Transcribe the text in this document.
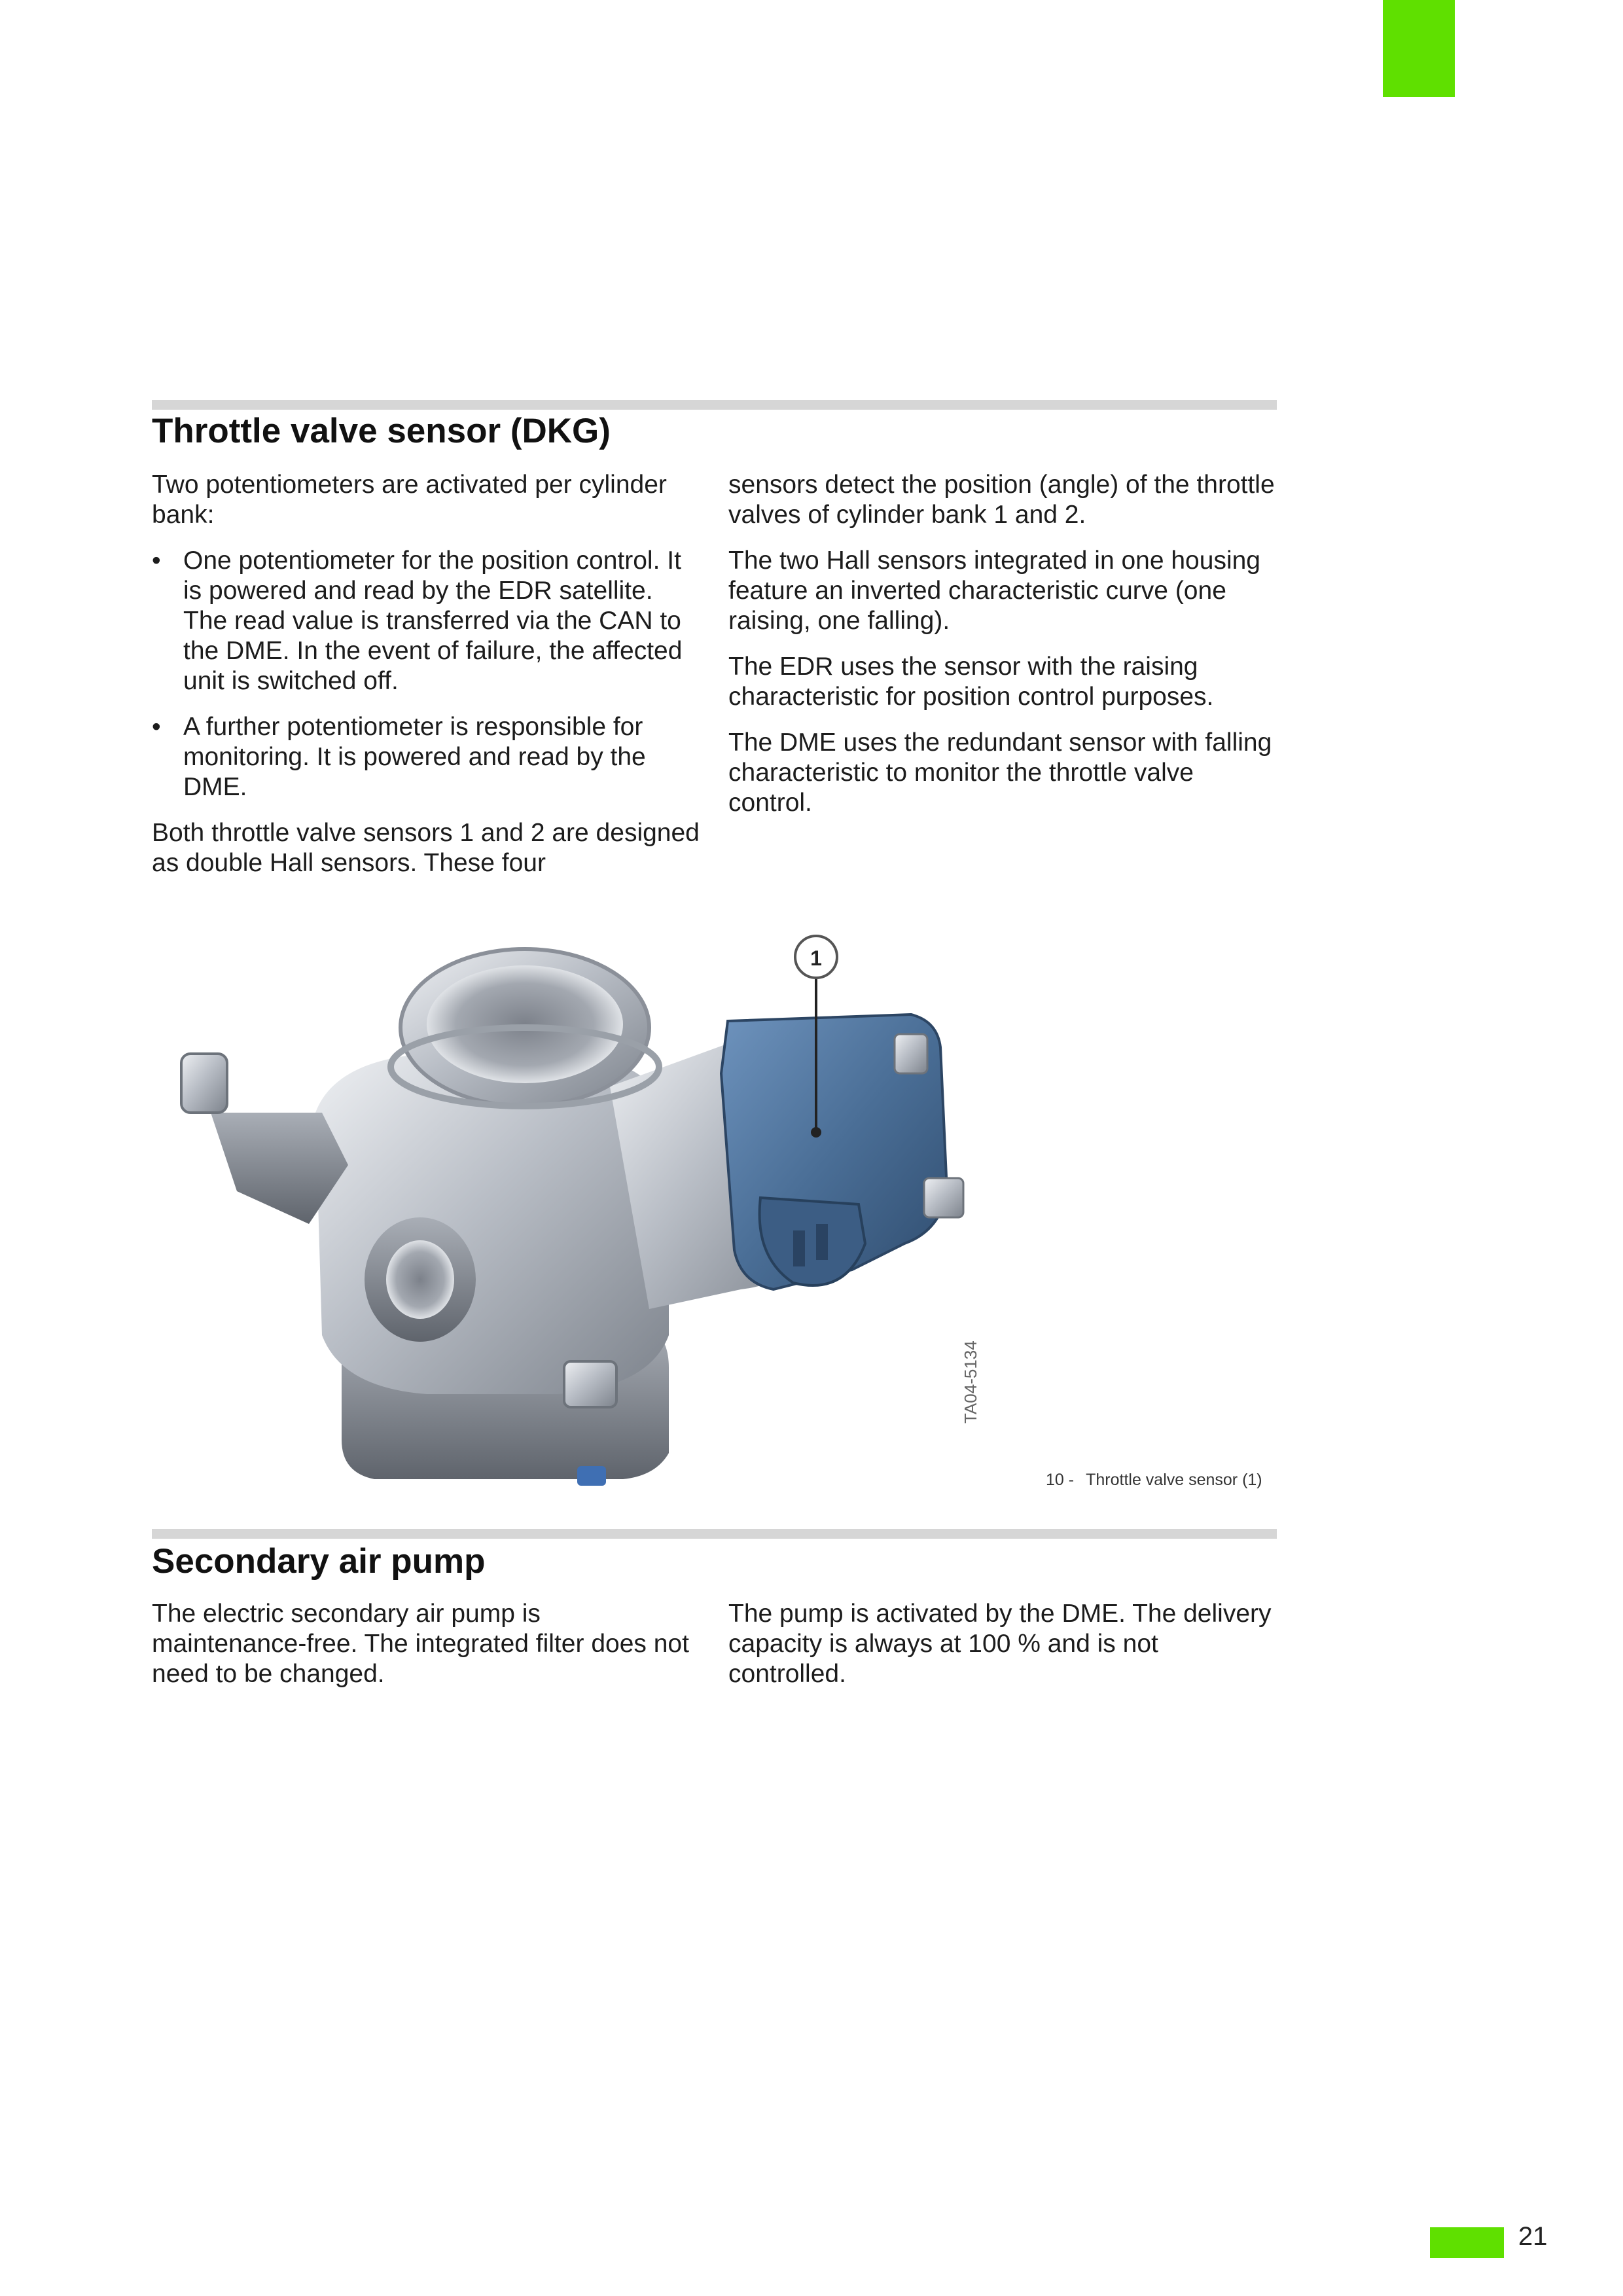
Throttle valve sensor (DKG)

Two potentiometers are activated per cylinder bank:

• One potentiometer for the position control. It is powered and read by the EDR satellite. The read value is transferred via the CAN to the DME. In the event of failure, the affected unit is switched off.
• A further potentiometer is responsible for monitoring. It is powered and read by the DME.

Both throttle valve sensors 1 and 2 are designed as double Hall sensors. These four

sensors detect the position (angle) of the throttle valves of cylinder bank 1 and 2.

The two Hall sensors integrated in one housing feature an inverted characteristic curve (one raising, one falling).

The EDR uses the sensor with the raising characteristic for position control purposes.

The DME uses the redundant sensor with falling characteristic to monitor the throttle valve control.

1
TA04-5134
10 - Throttle valve sensor (1)
Secondary air pump

The electric secondary air pump is maintenance-free. The integrated filter does not need to be changed.

The pump is activated by the DME. The delivery capacity is always at 100 % and is not controlled.

21
